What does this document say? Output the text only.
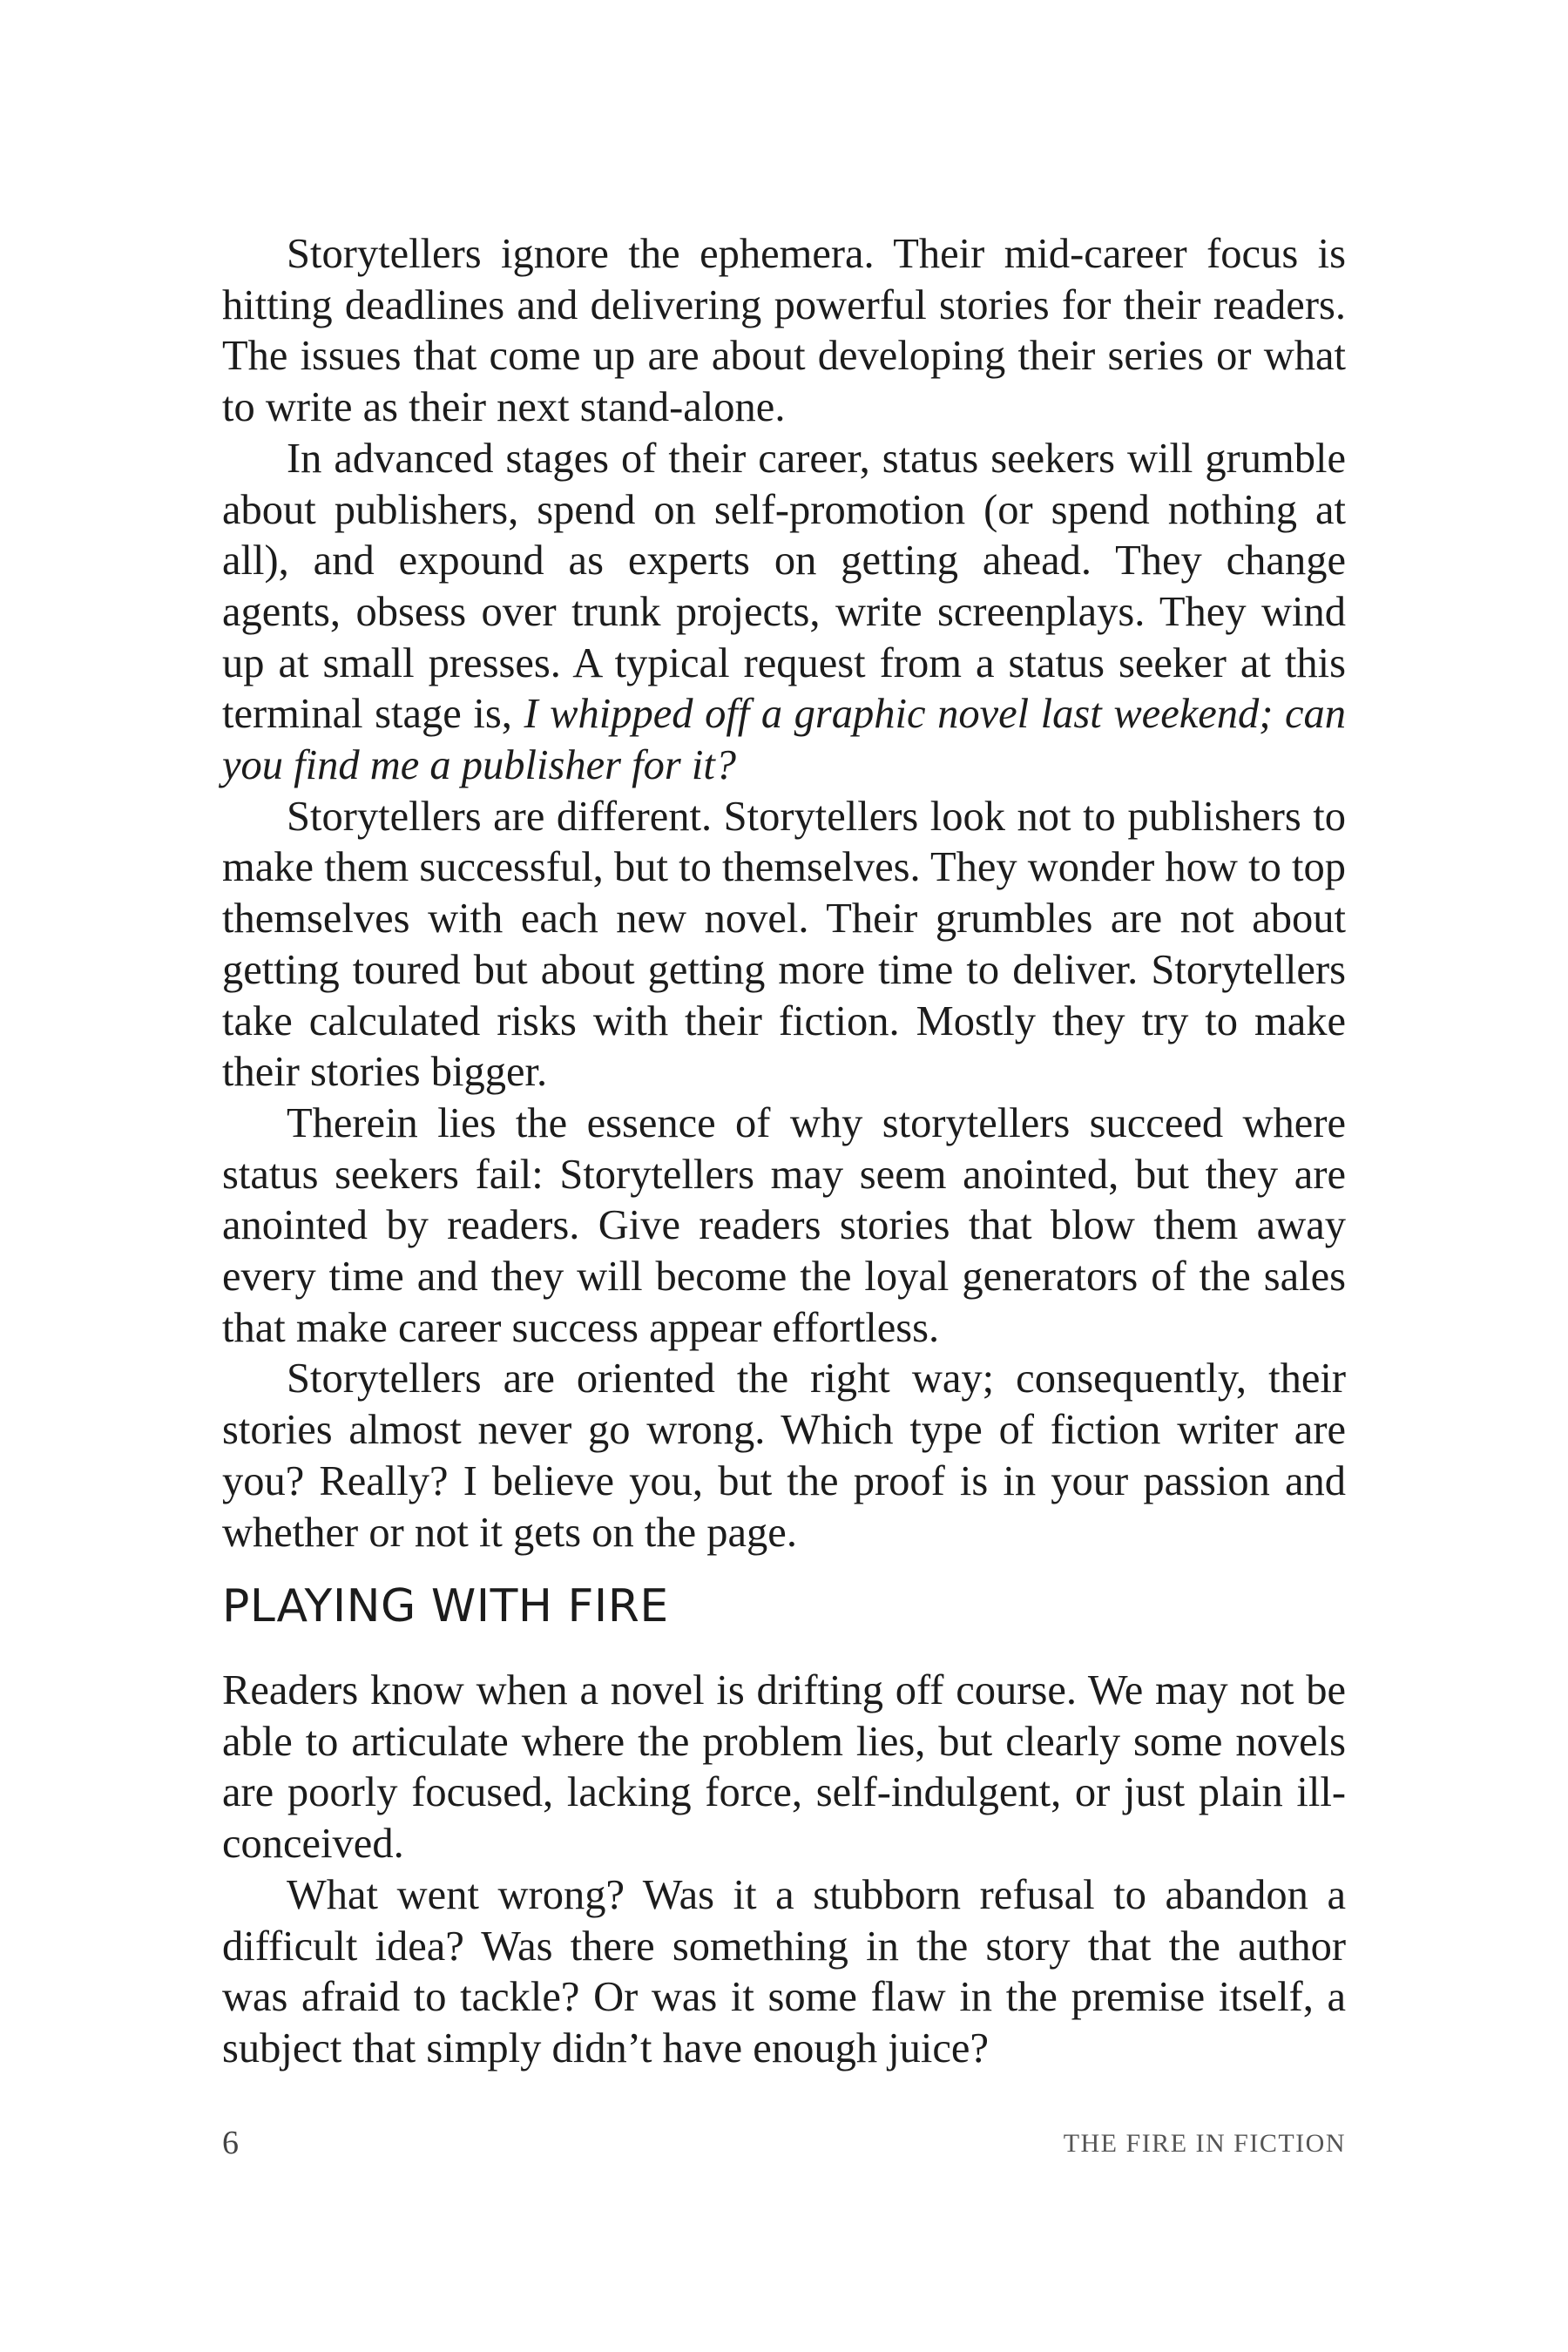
Storytellers ignore the ephemera. Their mid-career focus is hitting deadlines and delivering powerful stories for their readers. The issues that come up are about developing their series or what to write as their next stand-alone.

In advanced stages of their career, status seekers will grumble about publishers, spend on self-promotion (or spend nothing at all), and expound as experts on getting ahead. They change agents, obsess over trunk projects, write screenplays. They wind up at small presses. A typical request from a status seeker at this terminal stage is, I whipped off a graphic novel last weekend; can you find me a publisher for it?

Storytellers are different. Storytellers look not to publishers to make them successful, but to themselves. They wonder how to top themselves with each new novel. Their grumbles are not about getting toured but about getting more time to deliver. Storytellers take calculated risks with their fiction. Mostly they try to make their stories bigger.

Therein lies the essence of why storytellers succeed where status seekers fail: Storytellers may seem anointed, but they are anointed by readers. Give readers stories that blow them away every time and they will become the loyal generators of the sales that make career success appear effortless.

Storytellers are oriented the right way; consequently, their stories almost never go wrong. Which type of fiction writer are you? Really? I believe you, but the proof is in your passion and whether or not it gets on the page.

PLAYING WITH FIRE

Readers know when a novel is drifting off course. We may not be able to articulate where the problem lies, but clearly some novels are poorly focused, lacking force, self-indulgent, or just plain ill-conceived.

What went wrong? Was it a stubborn refusal to abandon a difficult idea? Was there something in the story that the author was afraid to tackle? Or was it some flaw in the premise itself, a subject that simply didn’t have enough juice?

6	THE FIRE IN FICTION
